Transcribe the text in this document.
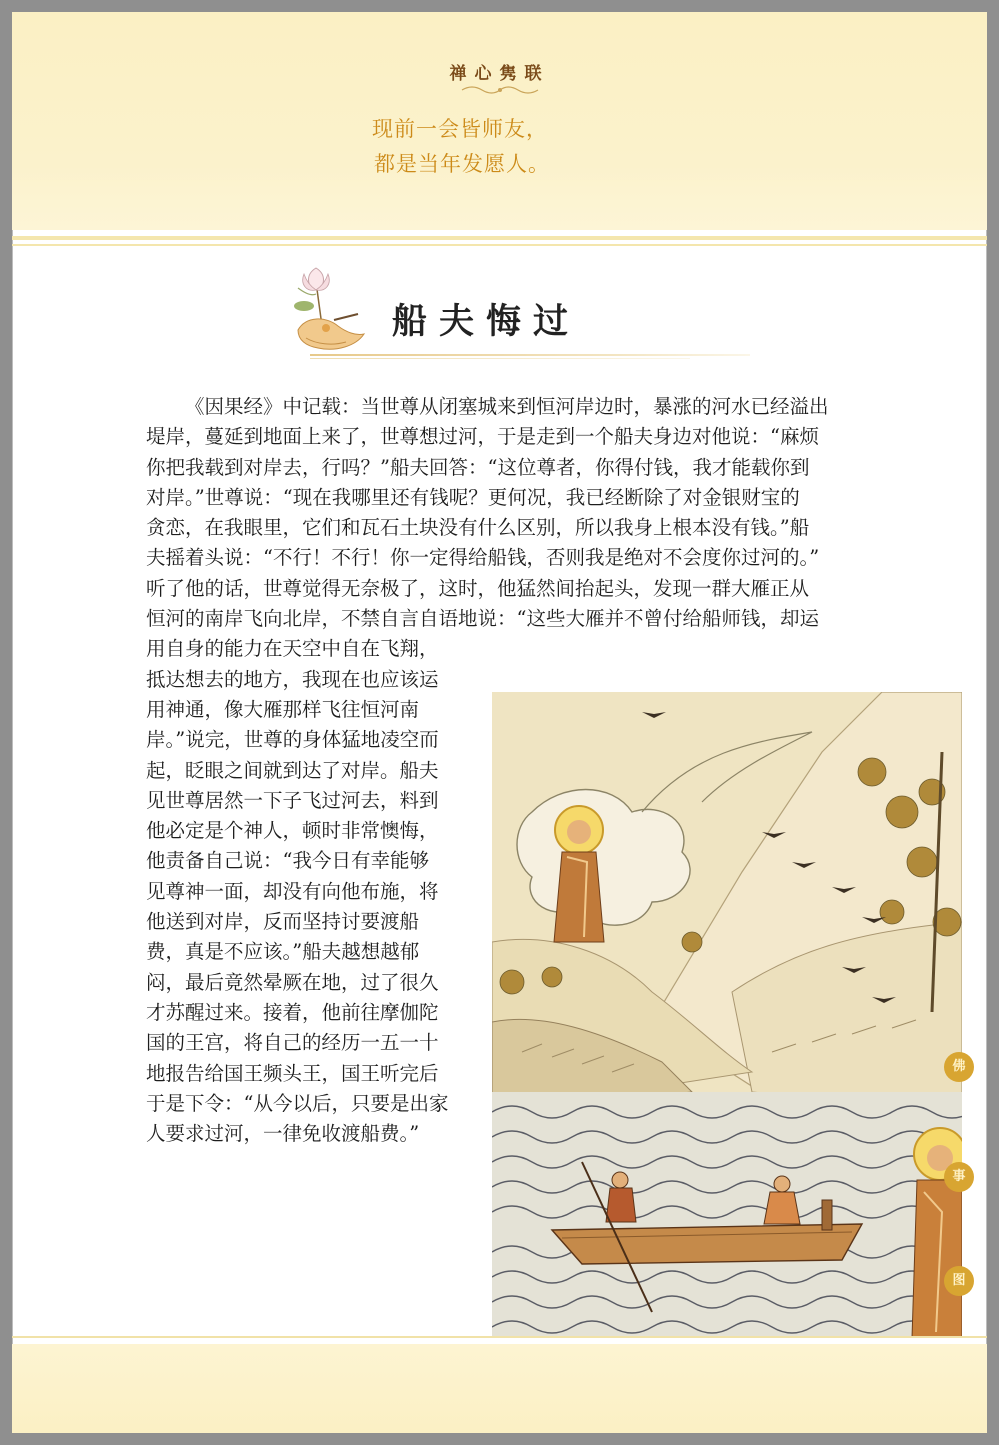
禅心隽联
现前一会皆师友，
都是当年发愿人。
船夫悔过

《因果经》中记载：当世尊从闭塞城来到恒河岸边时，暴涨的河水已经溢出

堤岸，蔓延到地面上来了，世尊想过河，于是走到一个船夫身边对他说：“麻烦

你把我载到对岸去，行吗？”船夫回答：“这位尊者，你得付钱，我才能载你到

对岸。”世尊说：“现在我哪里还有钱呢？更何况，我已经断除了对金银财宝的

贪恋，在我眼里，它们和瓦石土块没有什么区别，所以我身上根本没有钱。”船

夫摇着头说：“不行！不行！你一定得给船钱，否则我是绝对不会度你过河的。”

听了他的话，世尊觉得无奈极了，这时，他猛然间抬起头，发现一群大雁正从

恒河的南岸飞向北岸，不禁自言自语地说：“这些大雁并不曾付给船师钱，却运

用自身的能力在天空中自在飞翔，

抵达想去的地方，我现在也应该运

用神通，像大雁那样飞往恒河南

岸。”说完，世尊的身体猛地凌空而

起，眨眼之间就到达了对岸。船夫

见世尊居然一下子飞过河去，料到

他必定是个神人，顿时非常懊悔，

他责备自己说：“我今日有幸能够

见尊神一面，却没有向他布施，将

他送到对岸，反而坚持讨要渡船

费，真是不应该。”船夫越想越郁

闷，最后竟然晕厥在地，过了很久

才苏醒过来。接着，他前往摩伽陀

国的王宫，将自己的经历一五一十

地报告给国王频头王，国王听完后

于是下令：“从今以后，只要是出家

人要求过河，一律免收渡船费。”

佛
事
图
